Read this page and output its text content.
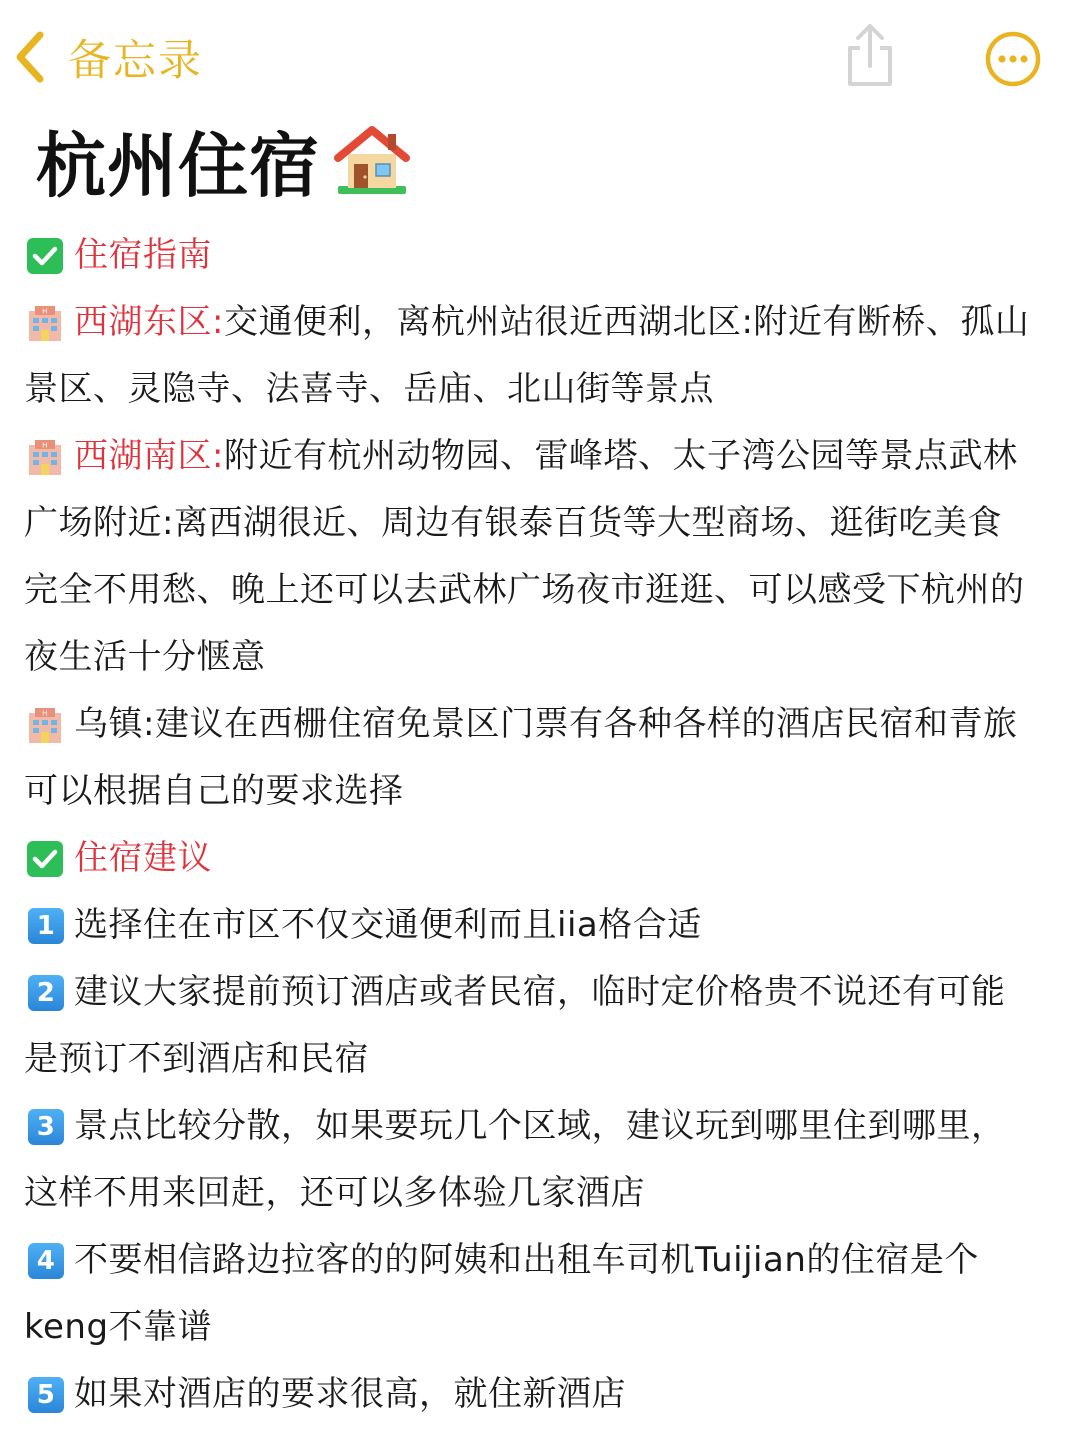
备忘录
杭州住宿
住宿指南
H 西湖东区: 交通便利，离杭州站很近西湖北区:附近有断桥、孤山
景区、灵隐寺、法喜寺、岳庙、北山街等景点
H 西湖南区: 附近有杭州动物园、雷峰塔、太子湾公园等景点武林
广场附近:离西湖很近、周边有银泰百货等大型商场、逛街吃美食
完全不用愁、晚上还可以去武林广场夜市逛逛、可以感受下杭州的
夜生活十分惬意
H 乌镇: 建议在西栅住宿免景区门票有各种各样的酒店民宿和青旅
可以根据自己的要求选择
住宿建议
1 选择住在市区不仅交通便利而且iia格合适
2 建议大家提前预订酒店或者民宿，临时定价格贵不说还有可能
是预订不到酒店和民宿
3 景点比较分散，如果要玩几个区域，建议玩到哪里住到哪里，
这样不用来回赶，还可以多体验几家酒店
4 不要相信路边拉客的的阿姨和出租车司机Tuijian的住宿是个
keng不靠谱
5 如果对酒店的要求很高，就住新酒店
